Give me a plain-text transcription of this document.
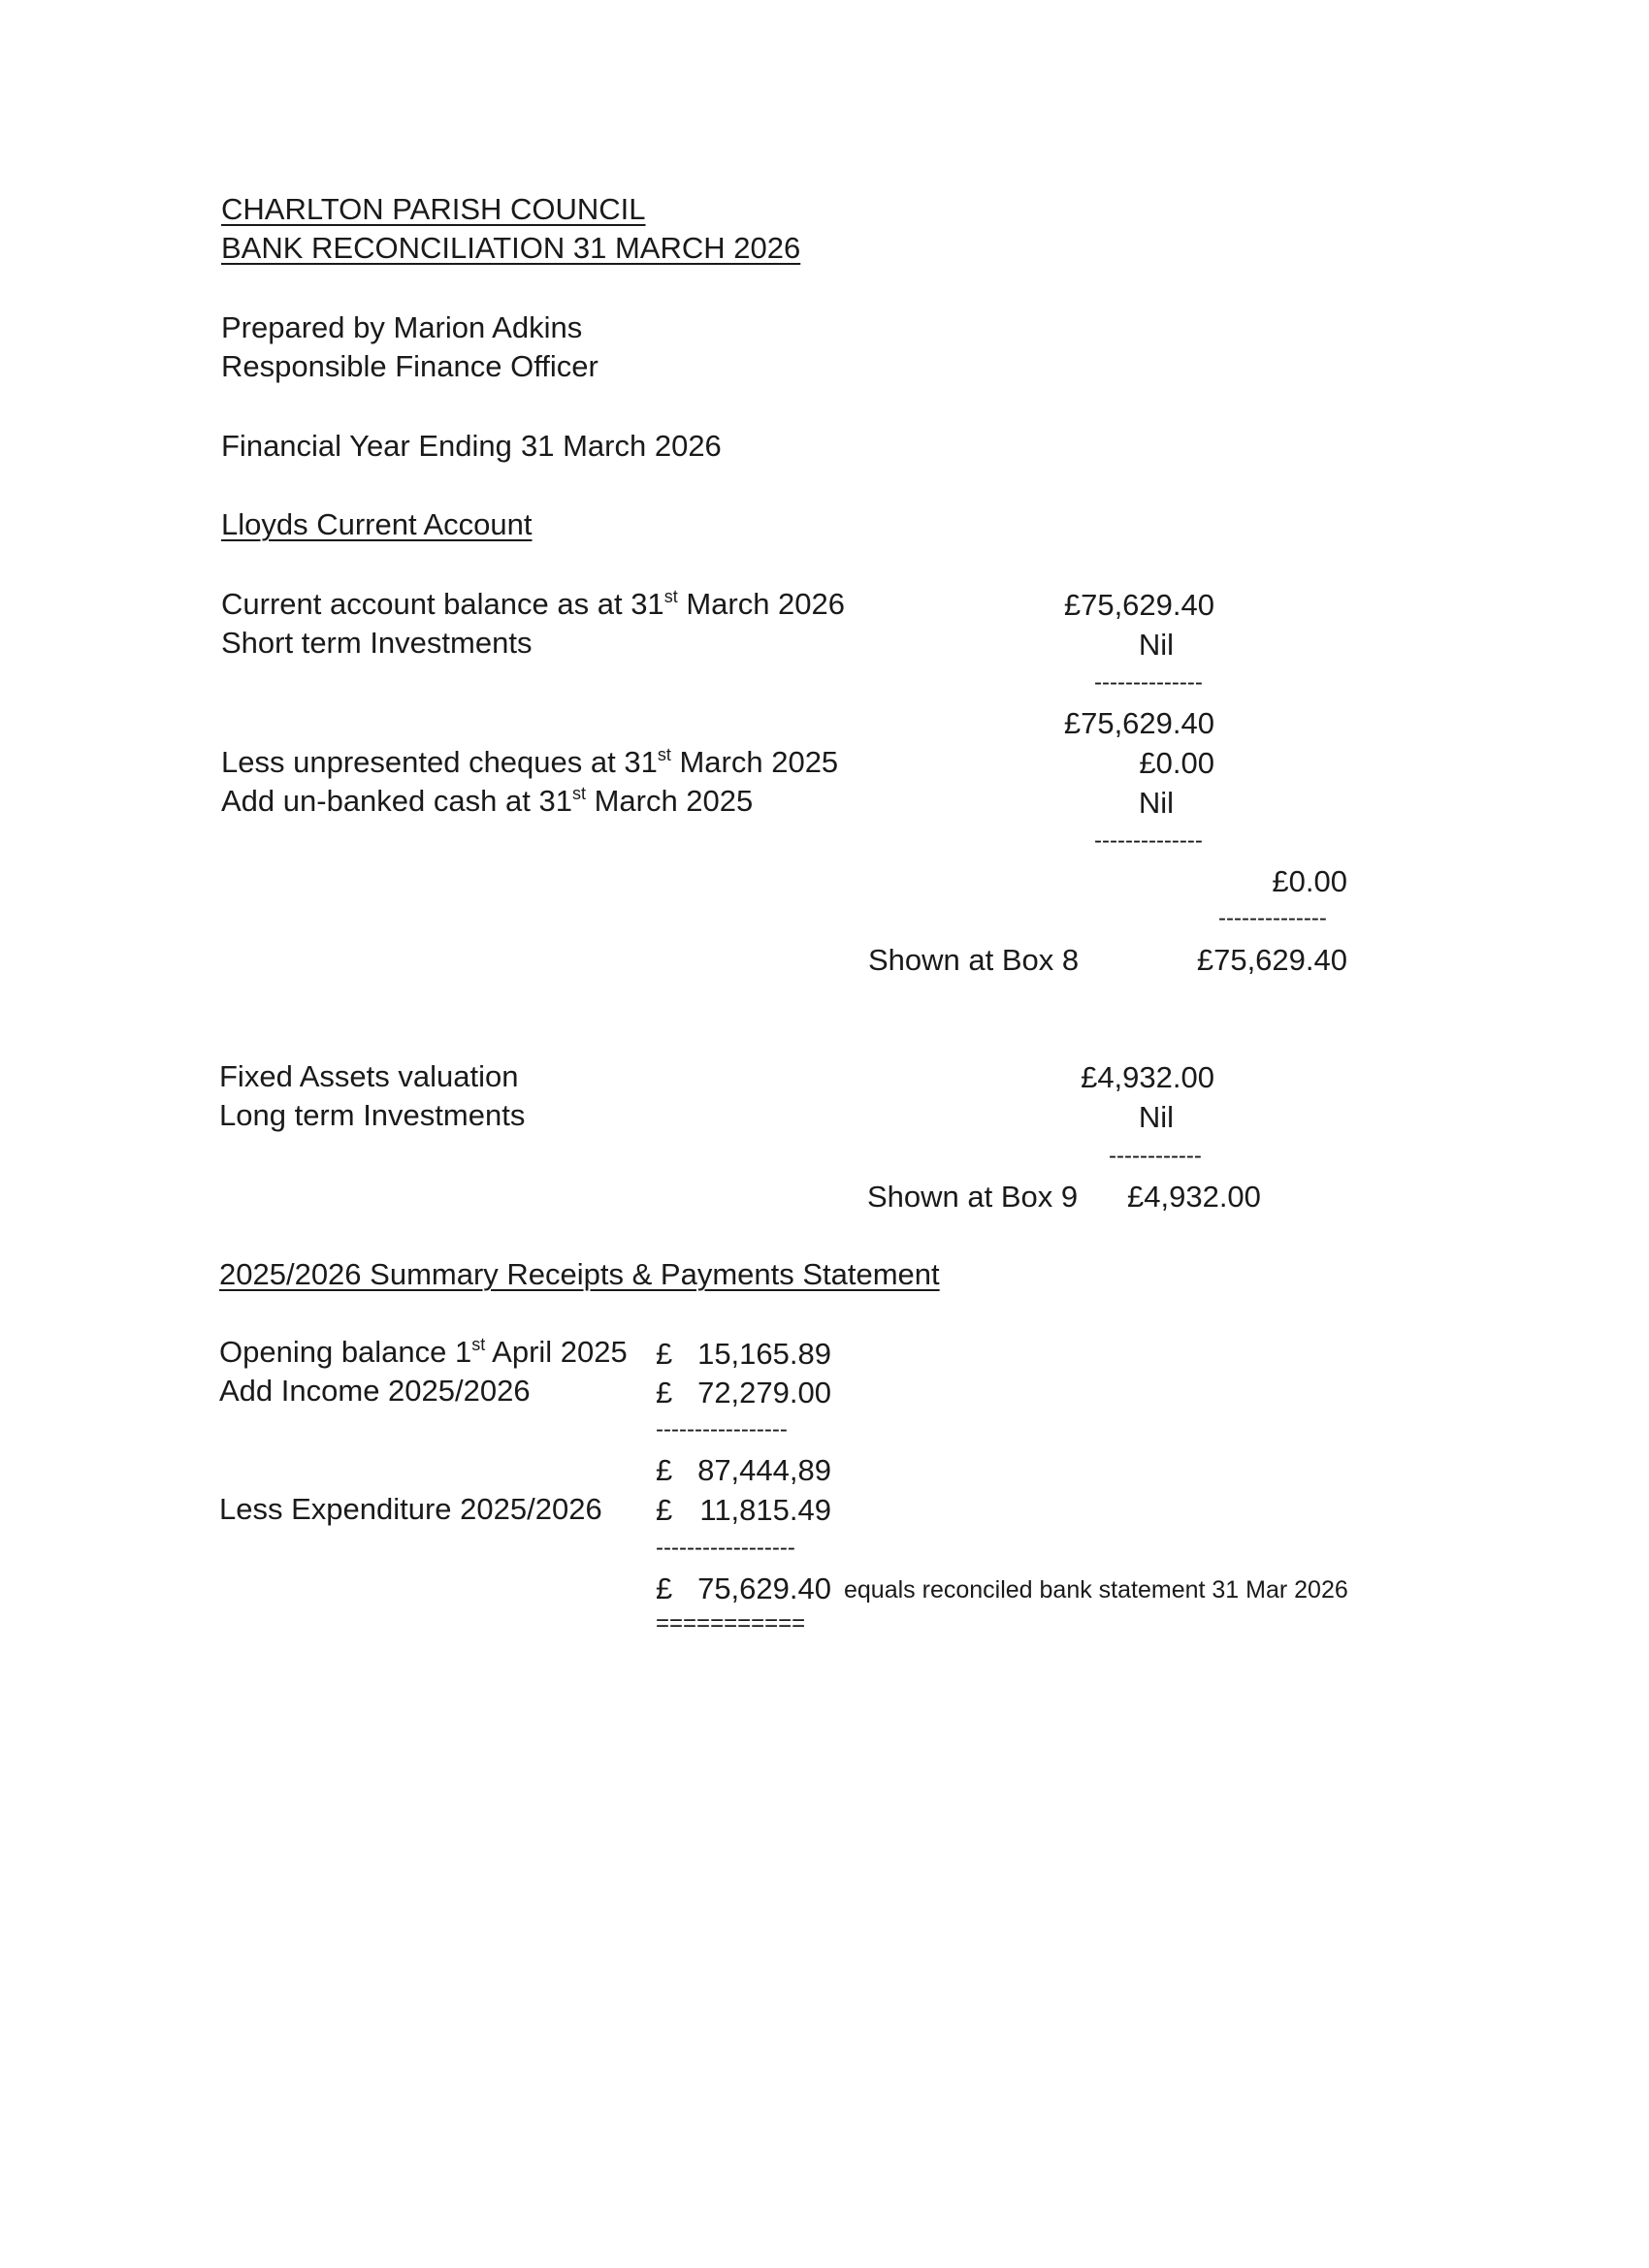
CHARLTON PARISH COUNCIL
BANK RECONCILIATION 31 MARCH 2026
Prepared by Marion Adkins
Responsible Finance Officer
Financial Year Ending 31 March 2026
Lloyds Current Account
Current account balance as at 31st March 2026	£75,629.40
Short term Investments	Nil
--------------
£75,629.40
Less unpresented cheques at 31st March 2025	£0.00
Add un-banked cash at 31st March 2025	Nil
--------------
£0.00
--------------
Shown at Box 8	£75,629.40
Fixed Assets valuation	£4,932.00
Long term Investments	Nil
------------
Shown at Box 9 £4,932.00
2025/2026 Summary Receipts & Payments Statement
Opening balance 1st April 2025 £ 15,165.89
Add Income 2025/2026	£ 72,279.00
-----------------
£ 87,444,89
Less Expenditure 2025/2026 £ 11,815.49
------------------
£ 75,629.40 equals reconciled bank statement 31 Mar 2026
===========
